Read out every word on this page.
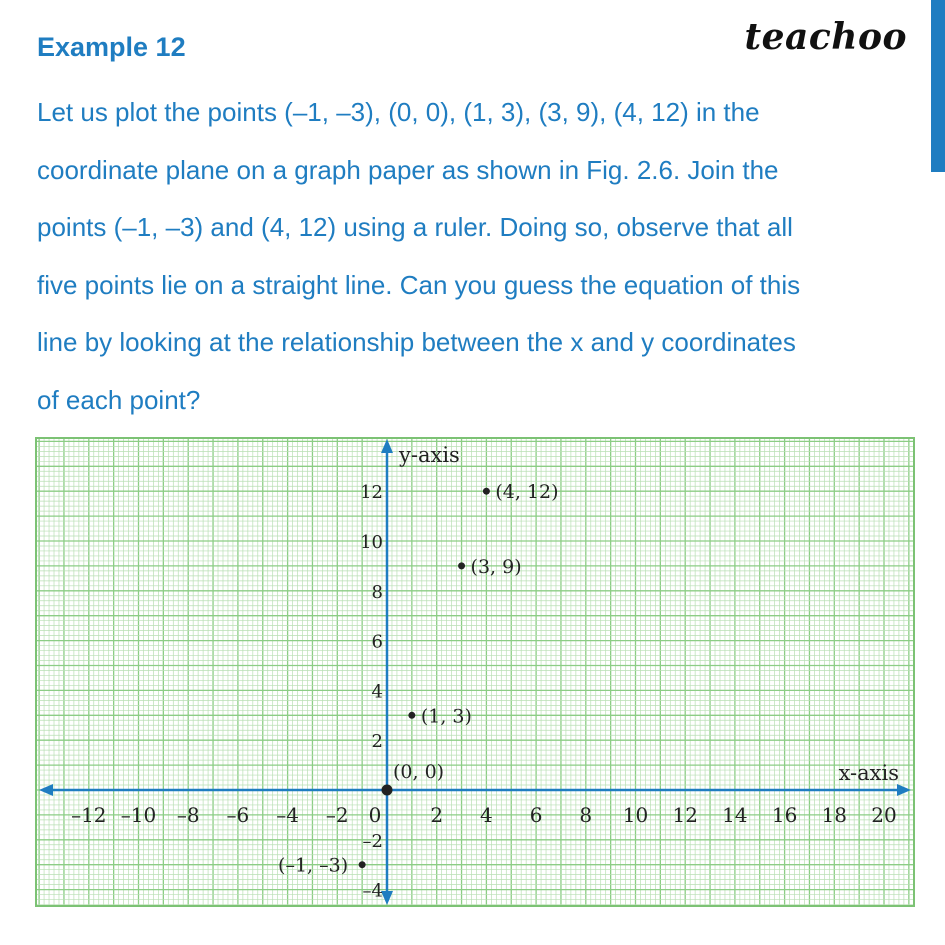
Example 12	teachoo
Let us plot the points (–1, –3), (0, 0), (1, 3), (3, 9), (4, 12) in the
coordinate plane on a graph paper as shown in Fig. 2.6. Join the
points (–1, –3) and (4, 12) using a ruler. Doing so, observe that all
five points lie on a straight line. Can you guess the equation of this
line by looking at the relationship between the x and y coordinates
of each point?
–12 –10 –8 –6 –4 –2 0 2 4 6 8 10 12 14 16 18 20
2
4
6
8
10
12
–2
–4
(–1, –3)
(0, 0)
(1, 3)
(3, 9)
(4, 12)
x-axis
y-axis
